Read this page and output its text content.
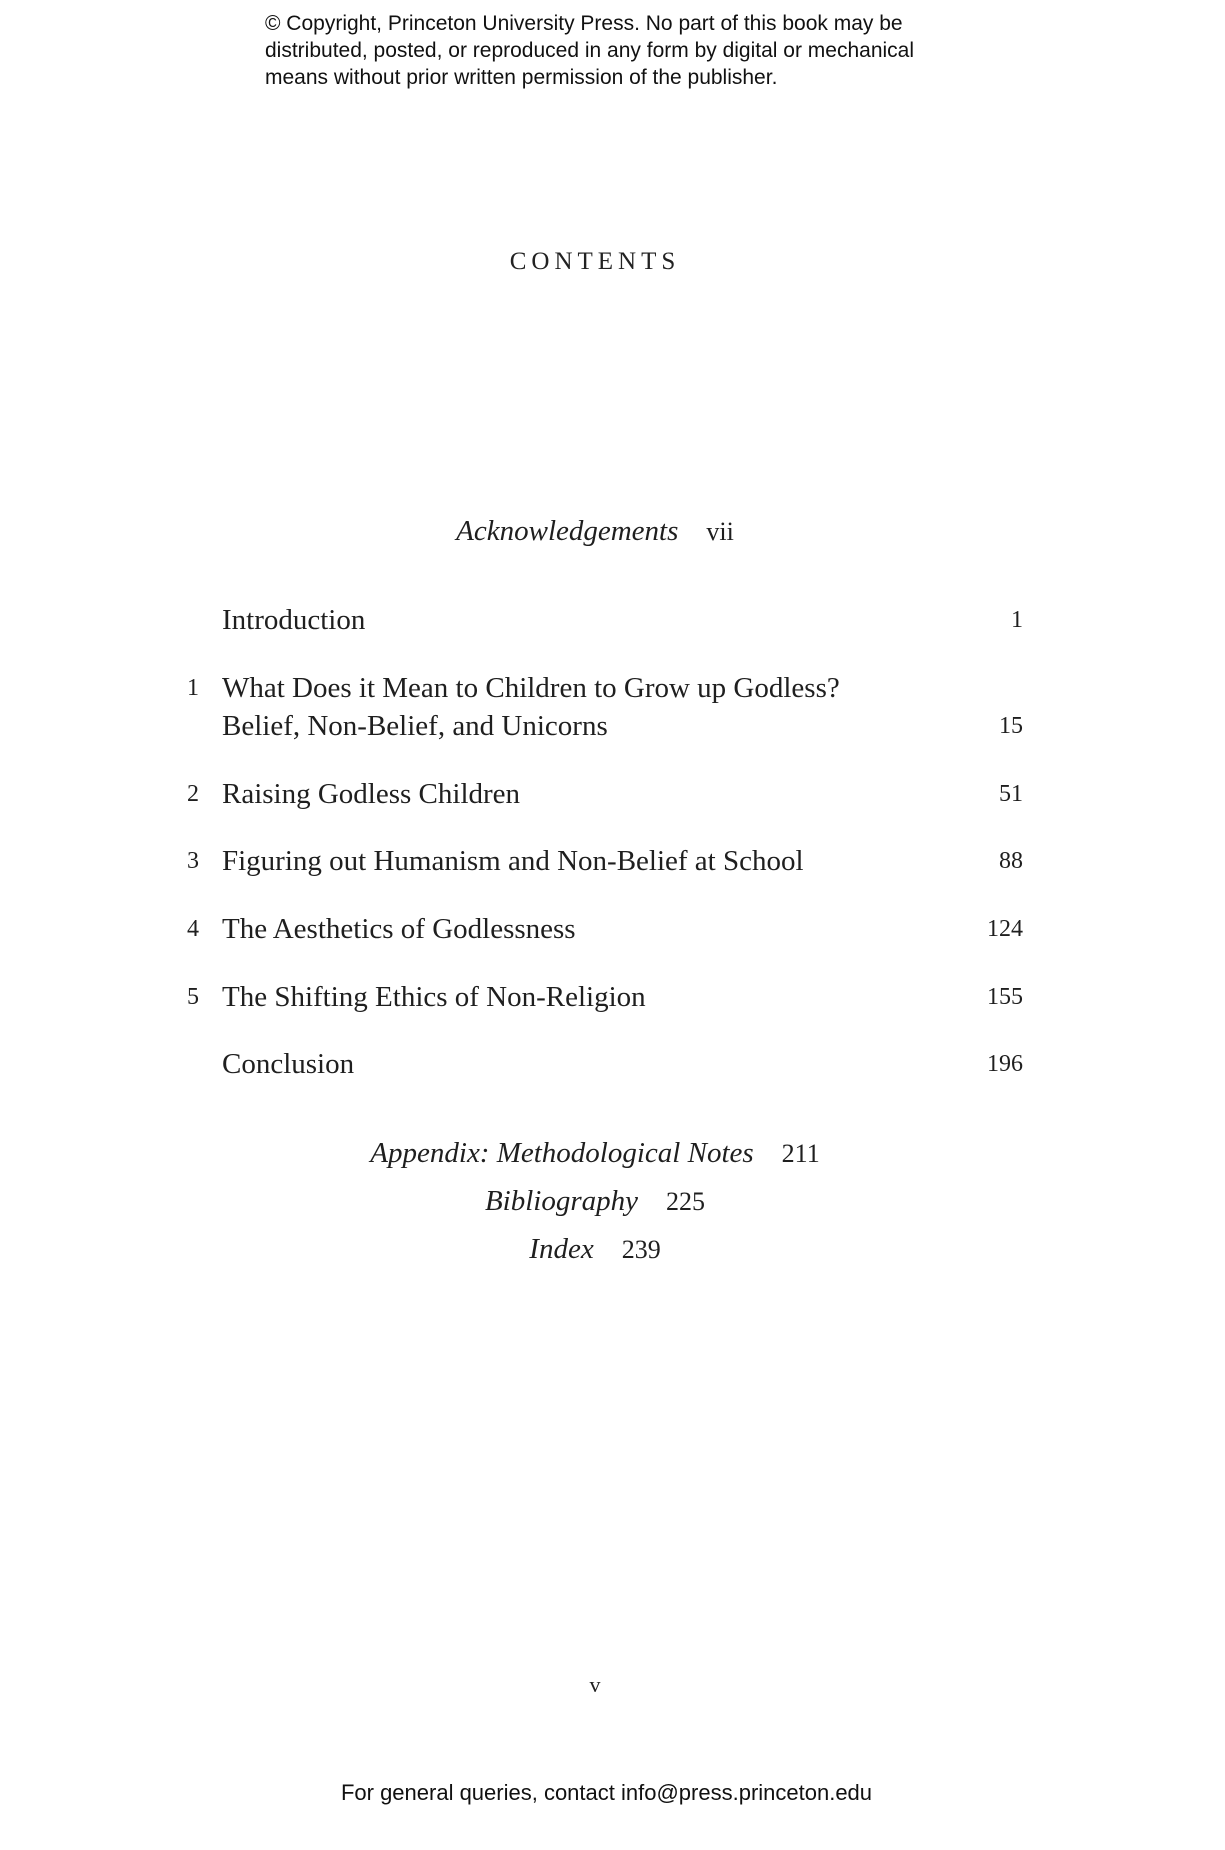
© Copyright, Princeton University Press. No part of this book may be
distributed, posted, or reproduced in any form by digital or mechanical
means without prior written permission of the publisher.
CONTENTS
Acknowledgements vii
Introduction	1
1 What Does it Mean to Children to Grow up Godless?
Belief, Non-Belief, and Unicorns	15
2 Raising Godless Children	51
3 Figuring out Humanism and Non-Belief at School	88
4 The Aesthetics of Godlessness	124
5 The Shifting Ethics of Non-Religion	155
Conclusion	196
Appendix: Methodological Notes 211
Bibliography 225
Index 239
v
For general queries, contact info@press.princeton.edu
